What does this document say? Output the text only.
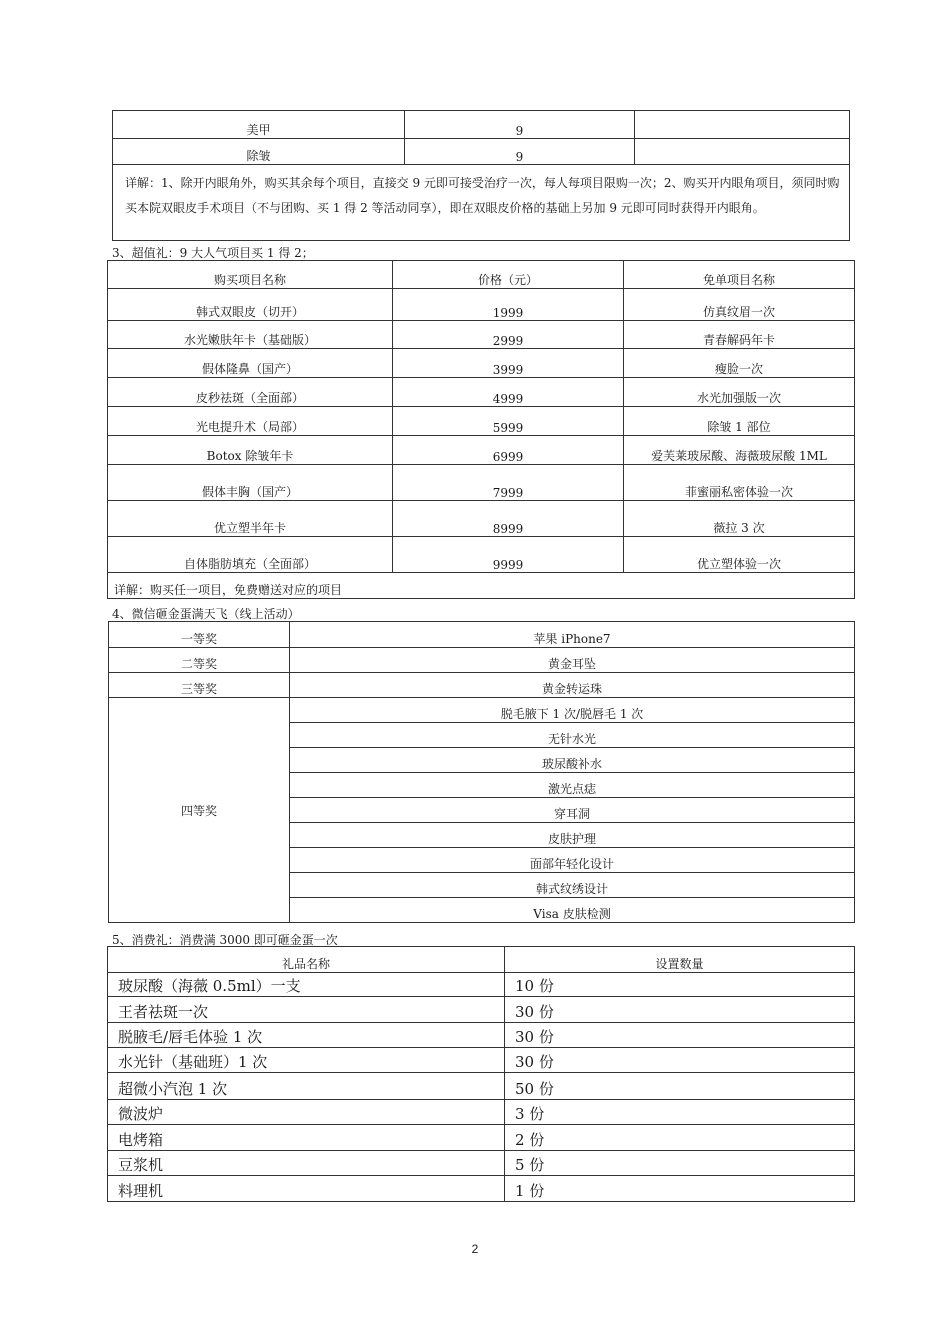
美甲	9	
除皱	9	
详解：1、除开内眼角外，购买其余每个项目，直接交 9 元即可接受治疗一次，每人每项目限购一次；2、购买开内眼角项目，须同时购买本院双眼皮手术项目（不与团购、买 1 得 2 等活动同享），即在双眼皮价格的基础上另加 9 元即可同时获得开内眼角。		
3、超值礼：9 大人气项目买 1 得 2；
购买项目名称	价格（元）	免单项目名称
韩式双眼皮（切开）	1999	仿真纹眉一次
水光嫩肤年卡（基础版）	2999	青春解码年卡
假体隆鼻（国产）	3999	瘦脸一次
皮秒祛斑（全面部）	4999	水光加强版一次
光电提升术（局部）	5999	除皱 1 部位
Botox 除皱年卡	6999	爱芙莱玻尿酸、海薇玻尿酸 1ML
假体丰胸（国产）	7999	菲蜜丽私密体验一次
优立塑半年卡	8999	薇拉 3 次
自体脂肪填充（全面部）	9999	优立塑体验一次
详解：购买任一项目，免费赠送对应的项目		
4、微信砸金蛋满天飞（线上活动）
一等奖	苹果 iPhone7
二等奖	黄金耳坠
三等奖	黄金转运珠
四等奖	脱毛腋下 1 次/脱唇毛 1 次
	无针水光
	玻尿酸补水
	激光点痣
	穿耳洞
	皮肤护理
	面部年轻化设计
	韩式纹绣设计
	Visa 皮肤检测
5、消费礼：消费满 3000 即可砸金蛋一次
礼品名称	设置数量
玻尿酸（海薇 0.5ml）一支	10 份
王者祛斑一次	30 份
脱腋毛/唇毛体验 1 次	30 份
水光针（基础班）1 次	30 份
超微小汽泡 1 次	50 份
微波炉	3 份
电烤箱	2 份
豆浆机	5 份
料理机	1 份
2
